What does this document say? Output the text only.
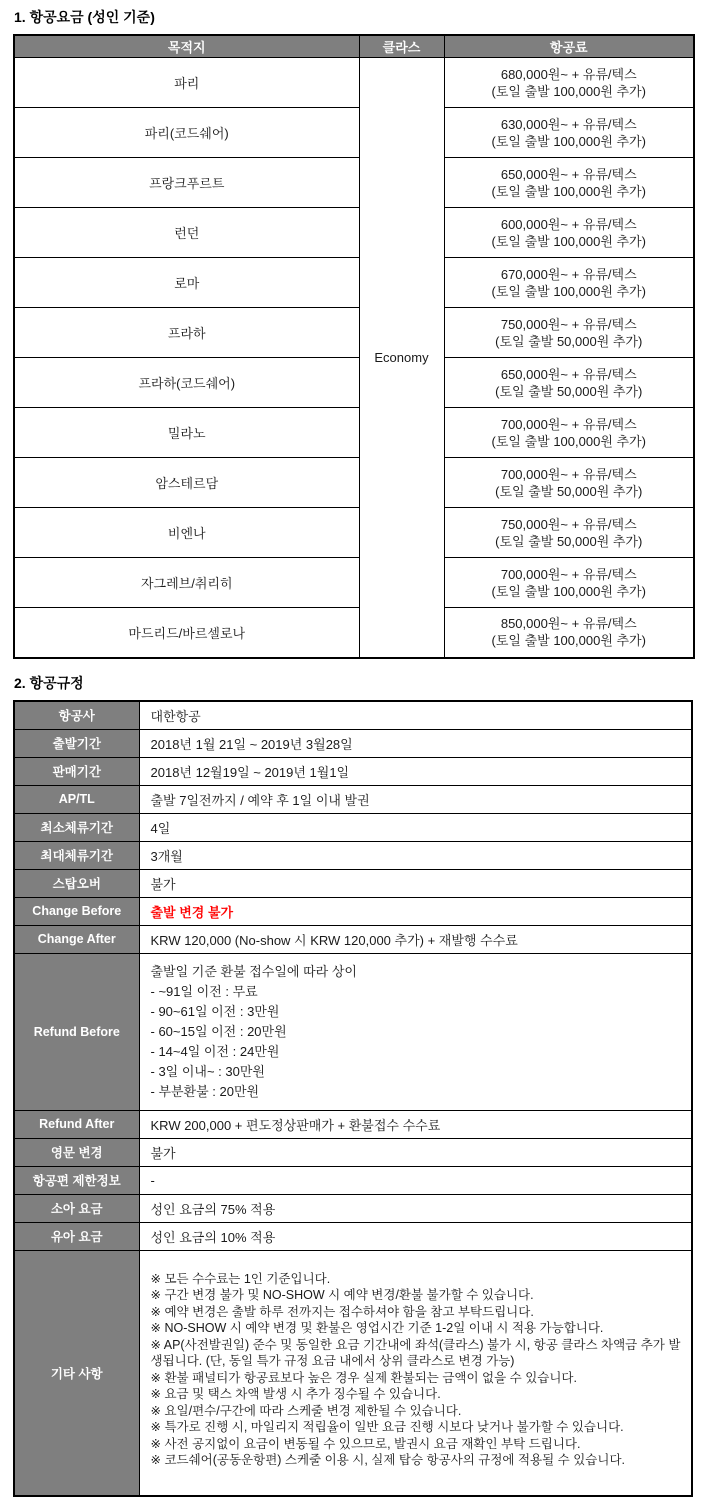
1. 항공요금 (성인 기준)
목적지	클라스	항공료
파리	Economy	680,000원~ + 유류/텍스
(토일 출발 100,000원 추가)

파리(코드쉐어)		630,000원~ + 유류/텍스
(토일 출발 100,000원 추가)

프랑크푸르트		650,000원~ + 유류/텍스
(토일 출발 100,000원 추가)

런던		600,000원~ + 유류/텍스
(토일 출발 100,000원 추가)

로마		670,000원~ + 유류/텍스
(토일 출발 100,000원 추가)

프라하		750,000원~ + 유류/텍스
(토일 출발 50,000원 추가)

프라하(코드쉐어)		650,000원~ + 유류/텍스
(토일 출발 50,000원 추가)

밀라노		700,000원~ + 유류/텍스
(토일 출발 100,000원 추가)

암스테르담		700,000원~ + 유류/텍스
(토일 출발 50,000원 추가)

비엔나		750,000원~ + 유류/텍스
(토일 출발 50,000원 추가)

자그레브/취리히		700,000원~ + 유류/텍스
(토일 출발 100,000원 추가)

마드리드/바르셀로나		850,000원~ + 유류/텍스
(토일 출발 100,000원 추가)
2. 항공규정
항공사	대한항공
출발기간	2018년 1월 21일 ~ 2019년 3월28일
판매기간	2018년 12월19일 ~ 2019년 1월1일
AP/TL	출발 7일전까지 / 예약 후 1일 이내 발권
최소체류기간	4일
최대체류기간	3개월
스탑오버	불가
Change Before	출발 변경 불가
Change After	KRW 120,000 (No-show 시 KRW 120,000 추가) + 재발행 수수료
Refund Before	
출발일 기준 환불 접수일에 따라 상이
- ~91일 이전 : 무료
- 90~61일 이전 : 3만원
- 60~15일 이전 : 20만원
- 14~4일 이전 : 24만원
- 3일 이내~ : 30만원
- 부분환불 : 20만원

Refund After	KRW 200,000 + 편도정상판매가 + 환불접수 수수료
영문 변경	불가
항공편 제한정보	-
소아 요금	성인 요금의 75% 적용
유아 요금	성인 요금의 10% 적용
기타 사항	
※ 모든 수수료는 1인 기준입니다.
※ 구간 변경 불가 및 NO-SHOW 시 예약 변경/환불 불가할 수 있습니다.
※ 예약 변경은 출발 하루 전까지는 접수하셔야 함을 참고 부탁드립니다.
※ NO-SHOW 시 예약 변경 및 환불은 영업시간 기준 1-2일 이내 시 적용 가능합니다.
※ AP(사전발권일) 준수 및 동일한 요금 기간내에 좌석(클라스) 불가 시, 항공 클라스 차액금 추가 발생됩니다. (단, 동일 특가 규정 요금 내에서 상위 클라스로 변경 가능)
※ 환불 패널티가 항공료보다 높은 경우 실제 환불되는 금액이 없을 수 있습니다.
※ 요금 및 택스 차액 발생 시 추가 징수될 수 있습니다.
※ 요일/편수/구간에 따라 스케줄 변경 제한될 수 있습니다.
※ 특가로 진행 시, 마일리지 적립율이 일반 요금 진행 시보다 낮거나 불가할 수 있습니다.
※ 사전 공지없이 요금이 변동될 수 있으므로, 발권시 요금 재확인 부탁 드립니다.
※ 코드쉐어(공동운항편) 스케줄 이용 시, 실제 탑승 항공사의 규정에 적용될 수 있습니다.
